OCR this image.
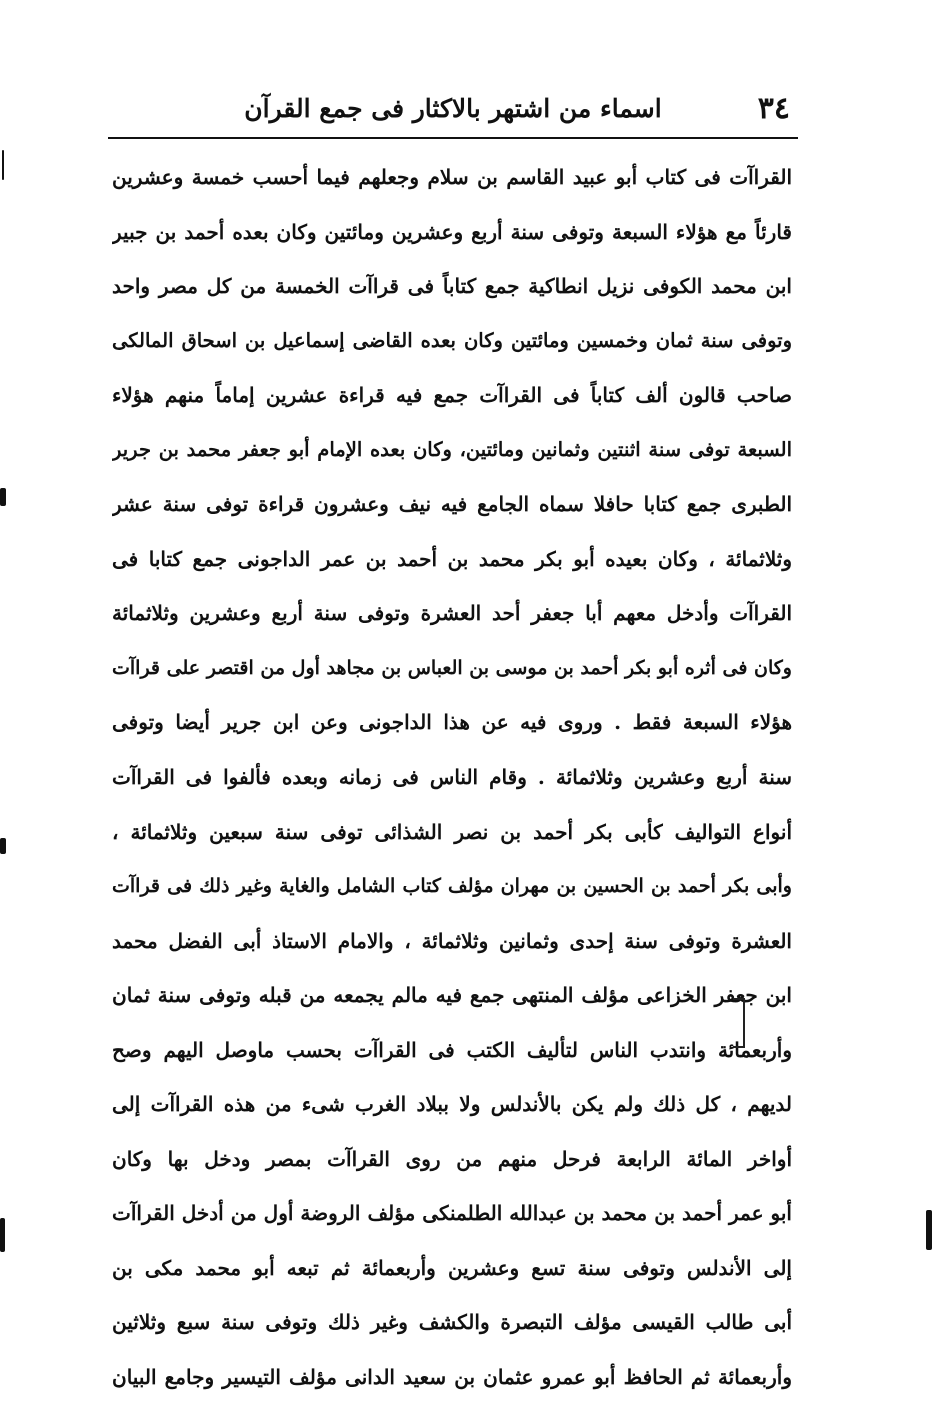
٣٤
اسماء من اشتهر بالاكثار فى جمع القرآن
القراآت فى كتاب أبو عبيد القاسم بن سلام وجعلهم فيما أحسب خمسة وعشرين
قارئاً مع هؤلاء السبعة وتوفى سنة أربع وعشرين ومائتين وكان بعده أحمد بن جبير
ابن محمد الكوفى نزيل انطاكية جمع كتاباً فى قراآت الخمسة من كل مصر واحد
وتوفى سنة ثمان وخمسين ومائتين وكان بعده القاضى إسماعيل بن اسحاق المالكى
صاحب قالون ألف كتاباً فى القراآت جمع فيه قراءة عشرين إماماً منهم هؤلاء
السبعة توفى سنة اثنتين وثمانين ومائتين، وكان بعده الإمام أبو جعفر محمد بن جرير
الطبرى جمع كتابا حافلا سماه الجامع فيه نيف وعشرون قراءة توفى سنة عشر
وثلاثمائة ، وكان بعيده أبو بكر محمد بن أحمد بن عمر الداجونى جمع كتابا فى
القراآت وأدخل معهم أبا جعفر أحد العشرة وتوفى سنة أربع وعشرين وثلاثمائة
وكان فى أثره أبو بكر أحمد بن موسى بن العباس بن مجاهد أول من اقتصر على قراآت
هؤلاء السبعة فقط . وروى فيه عن هذا الداجونى وعن ابن جرير أيضا وتوفى
سنة أربع وعشرين وثلاثمائة . وقام الناس فى زمانه وبعده فألفوا فى القراآت
أنواع التواليف كأبى بكر أحمد بن نصر الشذائى توفى سنة سبعين وثلاثمائة ،
وأبى بكر أحمد بن الحسين بن مهران مؤلف كتاب الشامل والغاية وغير ذلك فى قراآت
العشرة وتوفى سنة إحدى وثمانين وثلاثمائة ، والامام الاستاذ أبى الفضل محمد
ابن جعفر الخزاعى مؤلف المنتهى جمع فيه مالم يجمعه من قبله وتوفى سنة ثمان
وأربعمائة وانتدب الناس لتأليف الكتب فى القراآت بحسب ماوصل اليهم وصح
لديهم ، كل ذلك ولم يكن بالأندلس ولا ببلاد الغرب شىء من هذه القراآت إلى
أواخر المائة الرابعة فرحل منهم من روى القراآت بمصر ودخل بها وكان
أبو عمر أحمد بن محمد بن عبدالله الطلمنكى مؤلف الروضة أول من أدخل القراآت
إلى الأندلس وتوفى سنة تسع وعشرين وأربعمائة ثم تبعه أبو محمد مكى بن
أبى طالب القيسى مؤلف التبصرة والكشف وغير ذلك وتوفى سنة سبع وثلاثين
وأربعمائة ثم الحافظ أبو عمرو عثمان بن سعيد الدانى مؤلف التيسير وجامع البيان
